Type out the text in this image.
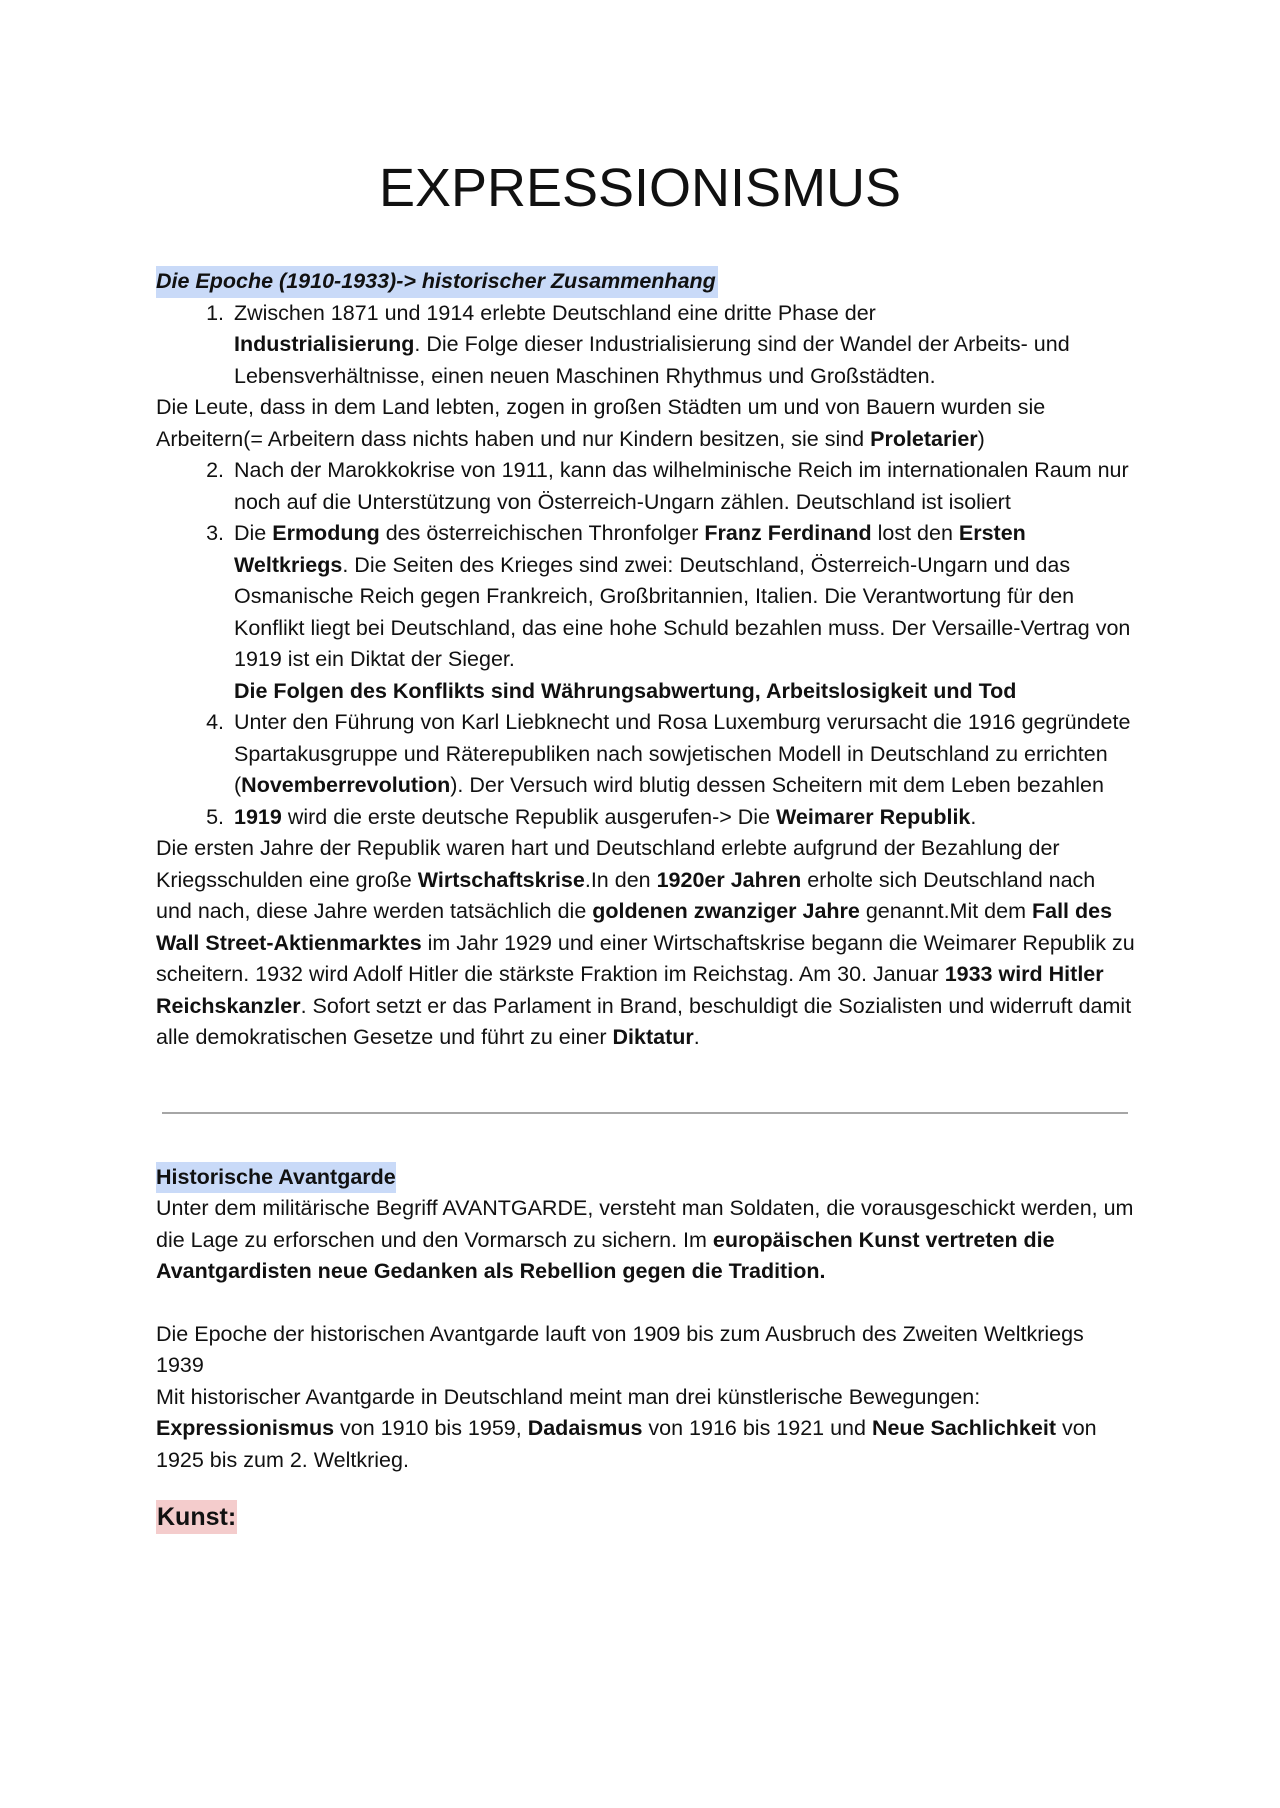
EXPRESSIONISMUS
Die Epoche (1910-1933)-> historischer Zusammenhang
1. Zwischen 1871 und 1914 erlebte Deutschland eine dritte Phase der
Industrialisierung. Die Folge dieser Industrialisierung sind der Wandel der Arbeits- und Lebensverhältnisse, einen neuen Maschinen Rhythmus und Großstädten.

Die Leute, dass in dem Land lebten, zogen in großen Städten um und von Bauern wurden sie Arbeitern(= Arbeitern dass nichts haben und nur Kindern besitzen, sie sind Proletarier)

2. Nach der Marokkokrise von 1911, kann das wilhelminische Reich im internationalen Raum nur noch auf die Unterstützung von Österreich-Ungarn zählen. Deutschland ist isoliert
3. Die Ermodung des österreichischen Thronfolger Franz Ferdinand lost den Ersten Weltkriegs. Die Seiten des Krieges sind zwei: Deutschland, Österreich-Ungarn und das Osmanische Reich gegen Frankreich, Großbritannien, Italien. Die Verantwortung für den Konflikt liegt bei Deutschland, das eine hohe Schuld bezahlen muss. Der Versaille-Vertrag von 1919 ist ein Diktat der Sieger.
Die Folgen des Konflikts sind Währungsabwertung, Arbeitslosigkeit und Tod
4. Unter den Führung von Karl Liebknecht und Rosa Luxemburg verursacht die 1916 gegründete Spartakusgruppe und Räterepubliken nach sowjetischen Modell in Deutschland zu errichten (Novemberrevolution). Der Versuch wird blutig dessen Scheitern mit dem Leben bezahlen
5. 1919 wird die erste deutsche Republik ausgerufen-> Die Weimarer Republik.

Die ersten Jahre der Republik waren hart und Deutschland erlebte aufgrund der Bezahlung der Kriegsschulden eine große Wirtschaftskrise.In den 1920er Jahren erholte sich Deutschland nach und nach, diese Jahre werden tatsächlich die goldenen zwanziger Jahre genannt.Mit dem Fall des Wall Street-Aktienmarktes im Jahr 1929 und einer Wirtschaftskrise begann die Weimarer Republik zu scheitern. 1932 wird Adolf Hitler die stärkste Fraktion im Reichstag. Am 30. Januar 1933 wird Hitler Reichskanzler. Sofort setzt er das Parlament in Brand, beschuldigt die Sozialisten und widerruft damit alle demokratischen Gesetze und führt zu einer Diktatur.

Historische Avantgarde

Unter dem militärische Begriff AVANTGARDE, versteht man Soldaten, die vorausgeschickt werden, um die Lage zu erforschen und den Vormarsch zu sichern. Im europäischen Kunst vertreten die Avantgardisten neue Gedanken als Rebellion gegen die Tradition.

Die Epoche der historischen Avantgarde lauft von 1909 bis zum Ausbruch des Zweiten Weltkriegs 1939

Mit historischer Avantgarde in Deutschland meint man drei künstlerische Bewegungen: Expressionismus von 1910 bis 1959, Dadaismus von 1916 bis 1921 und Neue Sachlichkeit von 1925 bis zum 2. Weltkrieg.

Kunst:
